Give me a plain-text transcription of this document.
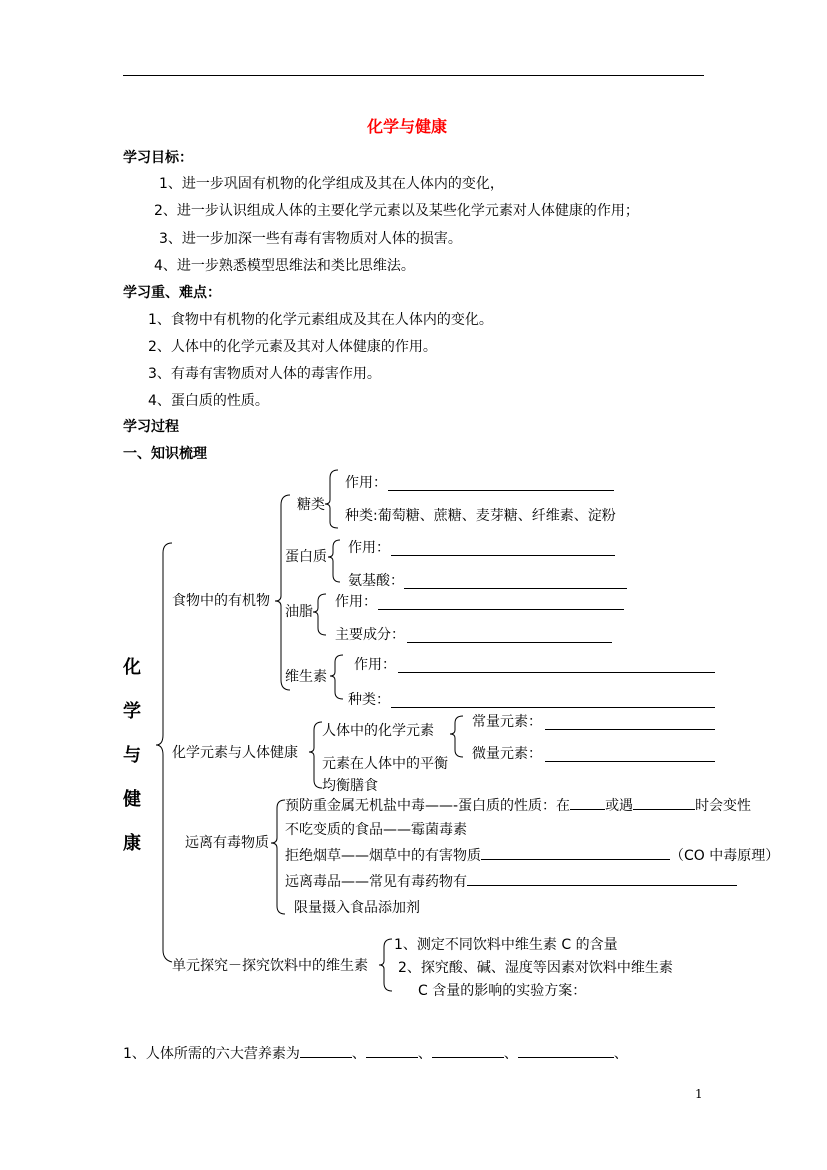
化学与健康
学习目标：
1、进一步巩固有机物的化学组成及其在人体内的变化，
2、进一步认识组成人体的主要化学元素以及某些化学元素对人体健康的作用；
3、进一步加深一些有毒有害物质对人体的损害。
4、进一步熟悉模型思维法和类比思维法。
学习重、难点：
1、食物中有机物的化学元素组成及其在人体内的变化。
2、人体中的化学元素及其对人体健康的作用。
3、有毒有害物质对人体的毒害作用。
4、蛋白质的性质。
学习过程
一、知识梳理
化
学
与
健
康
食物中的有机物
糖类
作用：
种类:葡萄糖、蔗糖、麦芽糖、纤维素、淀粉
蛋白质
作用：
氨基酸：
油脂
作用：
主要成分：
维生素
作用：
种类：
化学元素与人体健康
人体中的化学元素
常量元素：
微量元素：
元素在人体中的平衡
均衡膳食
远离有毒物质
预防重金属无机盐中毒——-蛋白质的性质：在	或遇	时会变性
不吃变质的食品——霉菌毒素
拒绝烟草——烟草中的有害物质	（CO 中毒原理）
远离毒品——常见有毒药物有
限量摄入食品添加剂
单元探究－探究饮料中的维生素
1、测定不同饮料中维生素 C 的含量
2、探究酸、碱、湿度等因素对饮料中维生素
C 含量的影响的实验方案：
1、人体所需的六大营养素为	、	、	、	、
1
